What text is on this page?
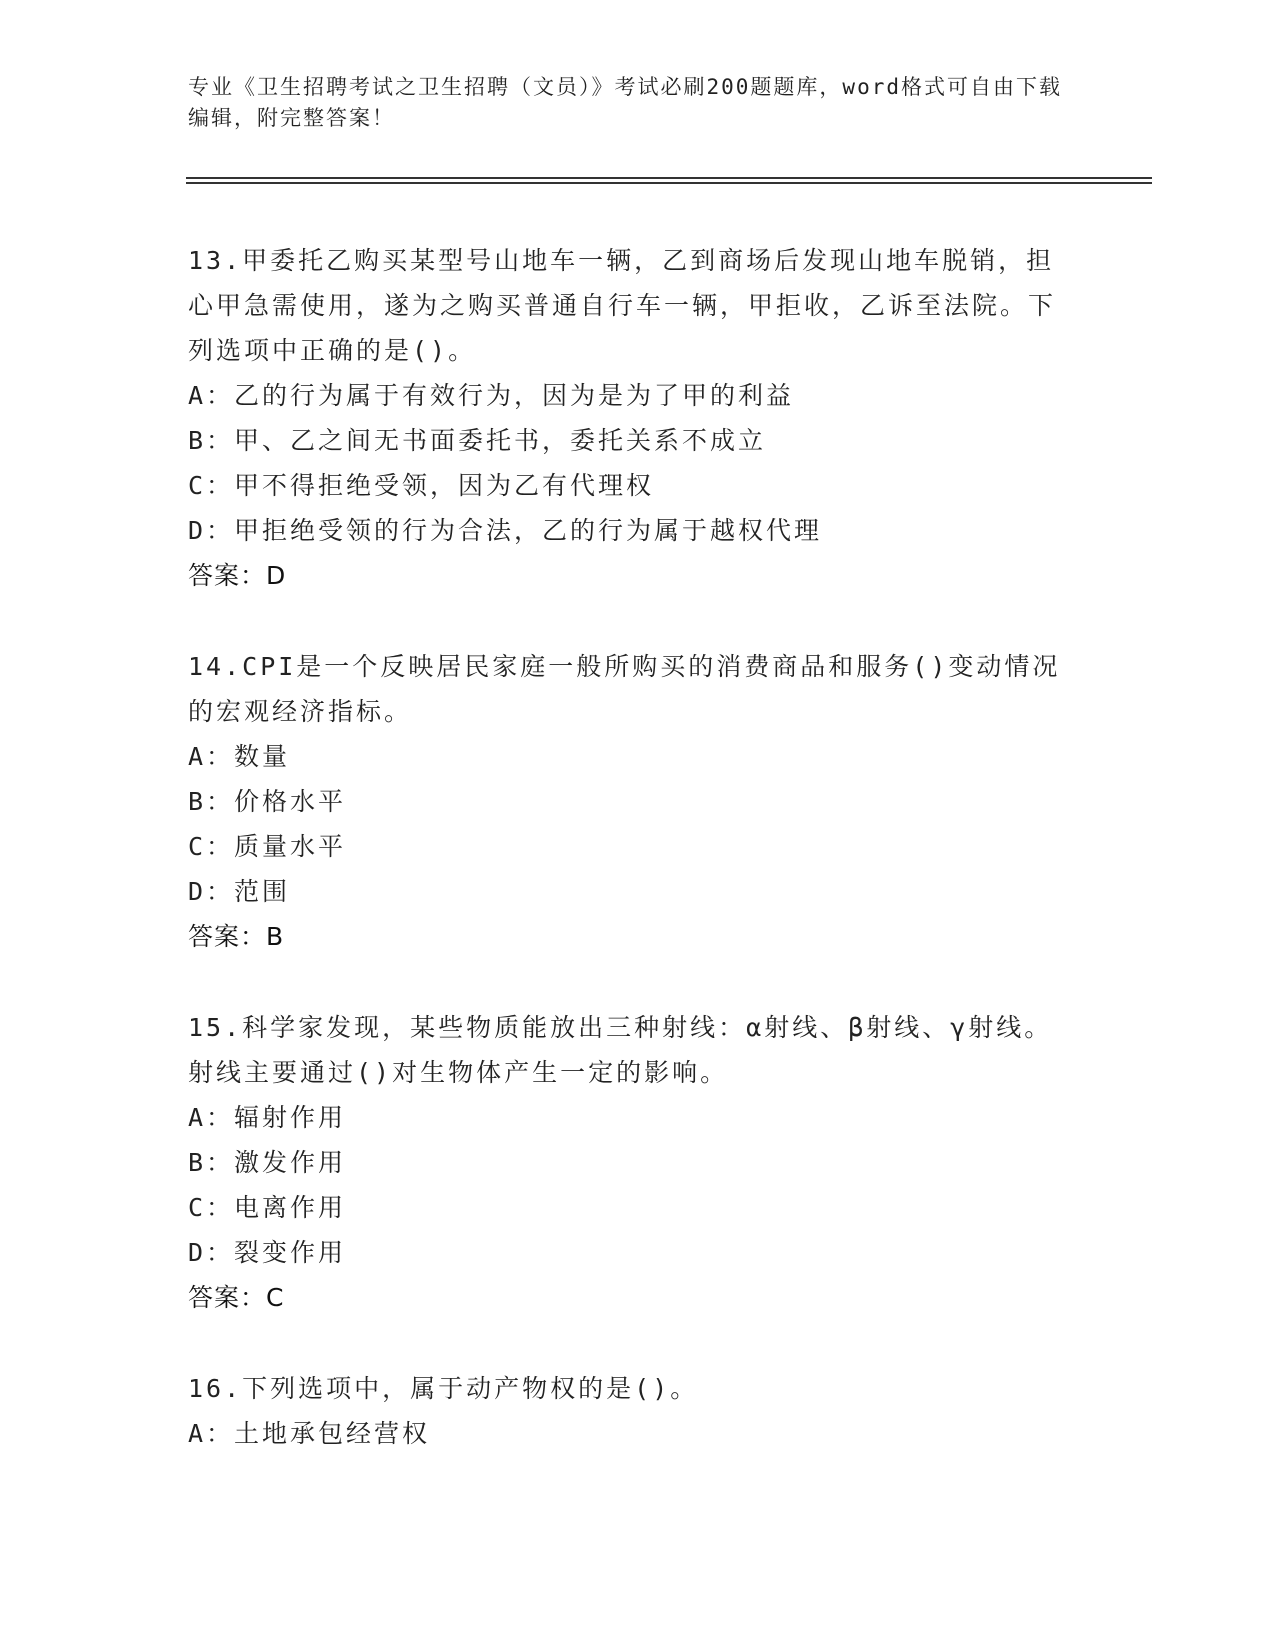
专业《卫生招聘考试之卫生招聘（文员）》考试必刷200题题库，word格式可自由下载编辑，附完整答案！
13.甲委托乙购买某型号山地车一辆，乙到商场后发现山地车脱销，担心甲急需使用，遂为之购买普通自行车一辆，甲拒收，乙诉至法院。下列选项中正确的是()。
A：乙的行为属于有效行为，因为是为了甲的利益
B：甲、乙之间无书面委托书，委托关系不成立
C：甲不得拒绝受领，因为乙有代理权
D：甲拒绝受领的行为合法，乙的行为属于越权代理
答案：D
14.CPI是一个反映居民家庭一般所购买的消费商品和服务()变动情况的宏观经济指标。
A：数量
B：价格水平
C：质量水平
D：范围
答案：B
15.科学家发现，某些物质能放出三种射线：α射线、β射线、γ射线。射线主要通过()对生物体产生一定的影响。
A：辐射作用
B：激发作用
C：电离作用
D：裂变作用
答案：C
16.下列选项中，属于动产物权的是()。
A：土地承包经营权
